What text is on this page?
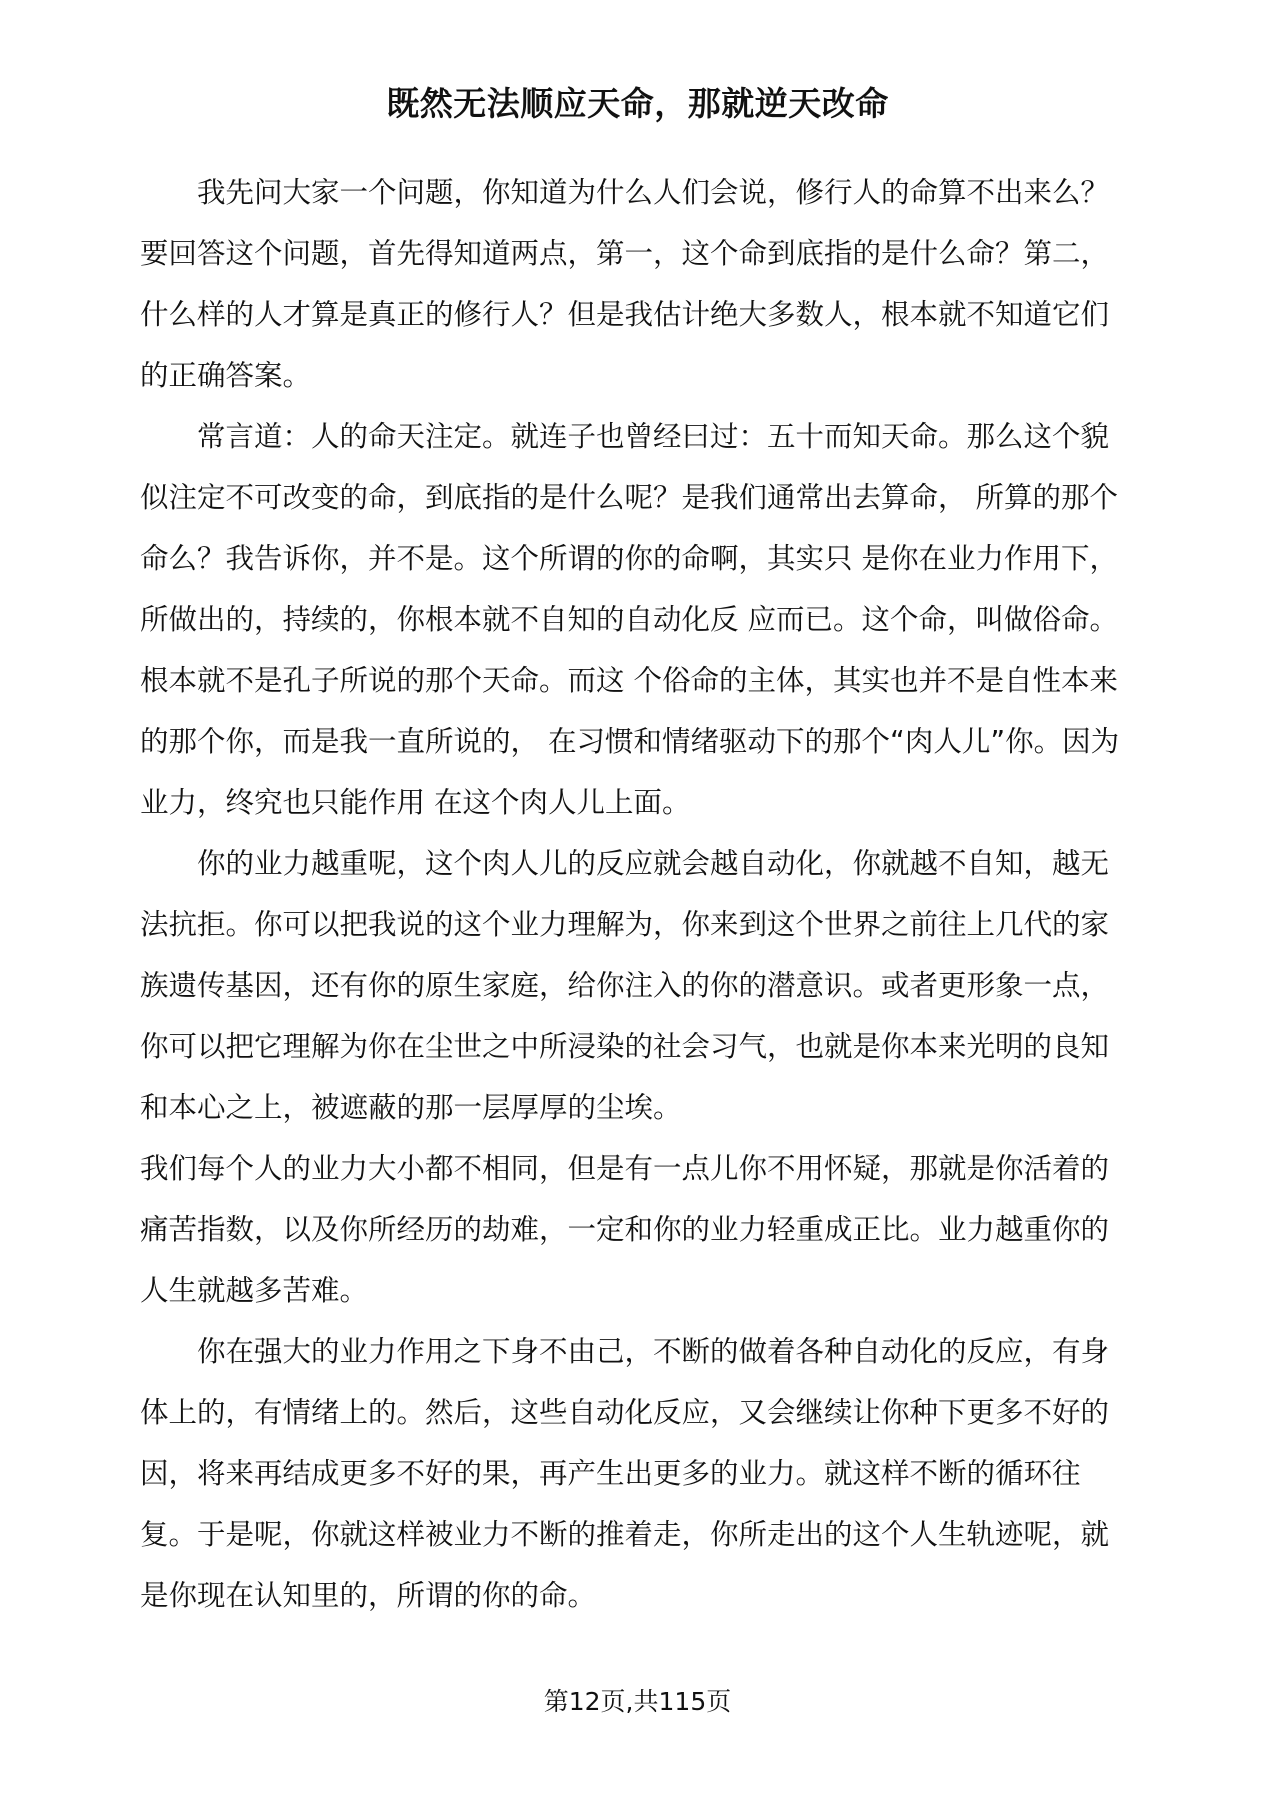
既然无法顺应天命，那就逆天改命

我先问大家一个问题，你知道为什么人们会说，修行人的命算不出来么？要回答这个问题，首先得知道两点，第一，这个命到底指的是什么命？第二，什么样的人才算是真正的修行人？但是我估计绝大多数人，根本就不知道它们的正确答案。

常言道：人的命天注定。就连子也曾经曰过：五十而知天命。那么这个貌似注定不可改变的命，到底指的是什么呢？是我们通常出去算命， 所算的那个命么？我告诉你，并不是。这个所谓的你的命啊，其实只 是你在业力作用下，所做出的，持续的，你根本就不自知的自动化反 应而已。这个命，叫做俗命。根本就不是孔子所说的那个天命。而这 个俗命的主体，其实也并不是自性本来的那个你，而是我一直所说的， 在习惯和情绪驱动下的那个“肉人儿”你。因为业力，终究也只能作用 在这个肉人儿上面。

你的业力越重呢，这个肉人儿的反应就会越自动化，你就越不自知，越无法抗拒。你可以把我说的这个业力理解为，你来到这个世界之前往上几代的家族遗传基因，还有你的原生家庭，给你注入的你的潜意识。或者更形象一点，你可以把它理解为你在尘世之中所浸染的社会习气，也就是你本来光明的良知和本心之上，被遮蔽的那一层厚厚的尘埃。

我们每个人的业力大小都不相同，但是有一点儿你不用怀疑，那就是你活着的痛苦指数，以及你所经历的劫难，一定和你的业力轻重成正比。业力越重你的人生就越多苦难。

你在强大的业力作用之下身不由己，不断的做着各种自动化的反应，有身体上的，有情绪上的。然后，这些自动化反应，又会继续让你种下更多不好的因，将来再结成更多不好的果，再产生出更多的业力。就这样不断的循环往复。于是呢，你就这样被业力不断的推着走，你所走出的这个人生轨迹呢，就是你现在认知里的，所谓的你的命。

第12页,共115页
